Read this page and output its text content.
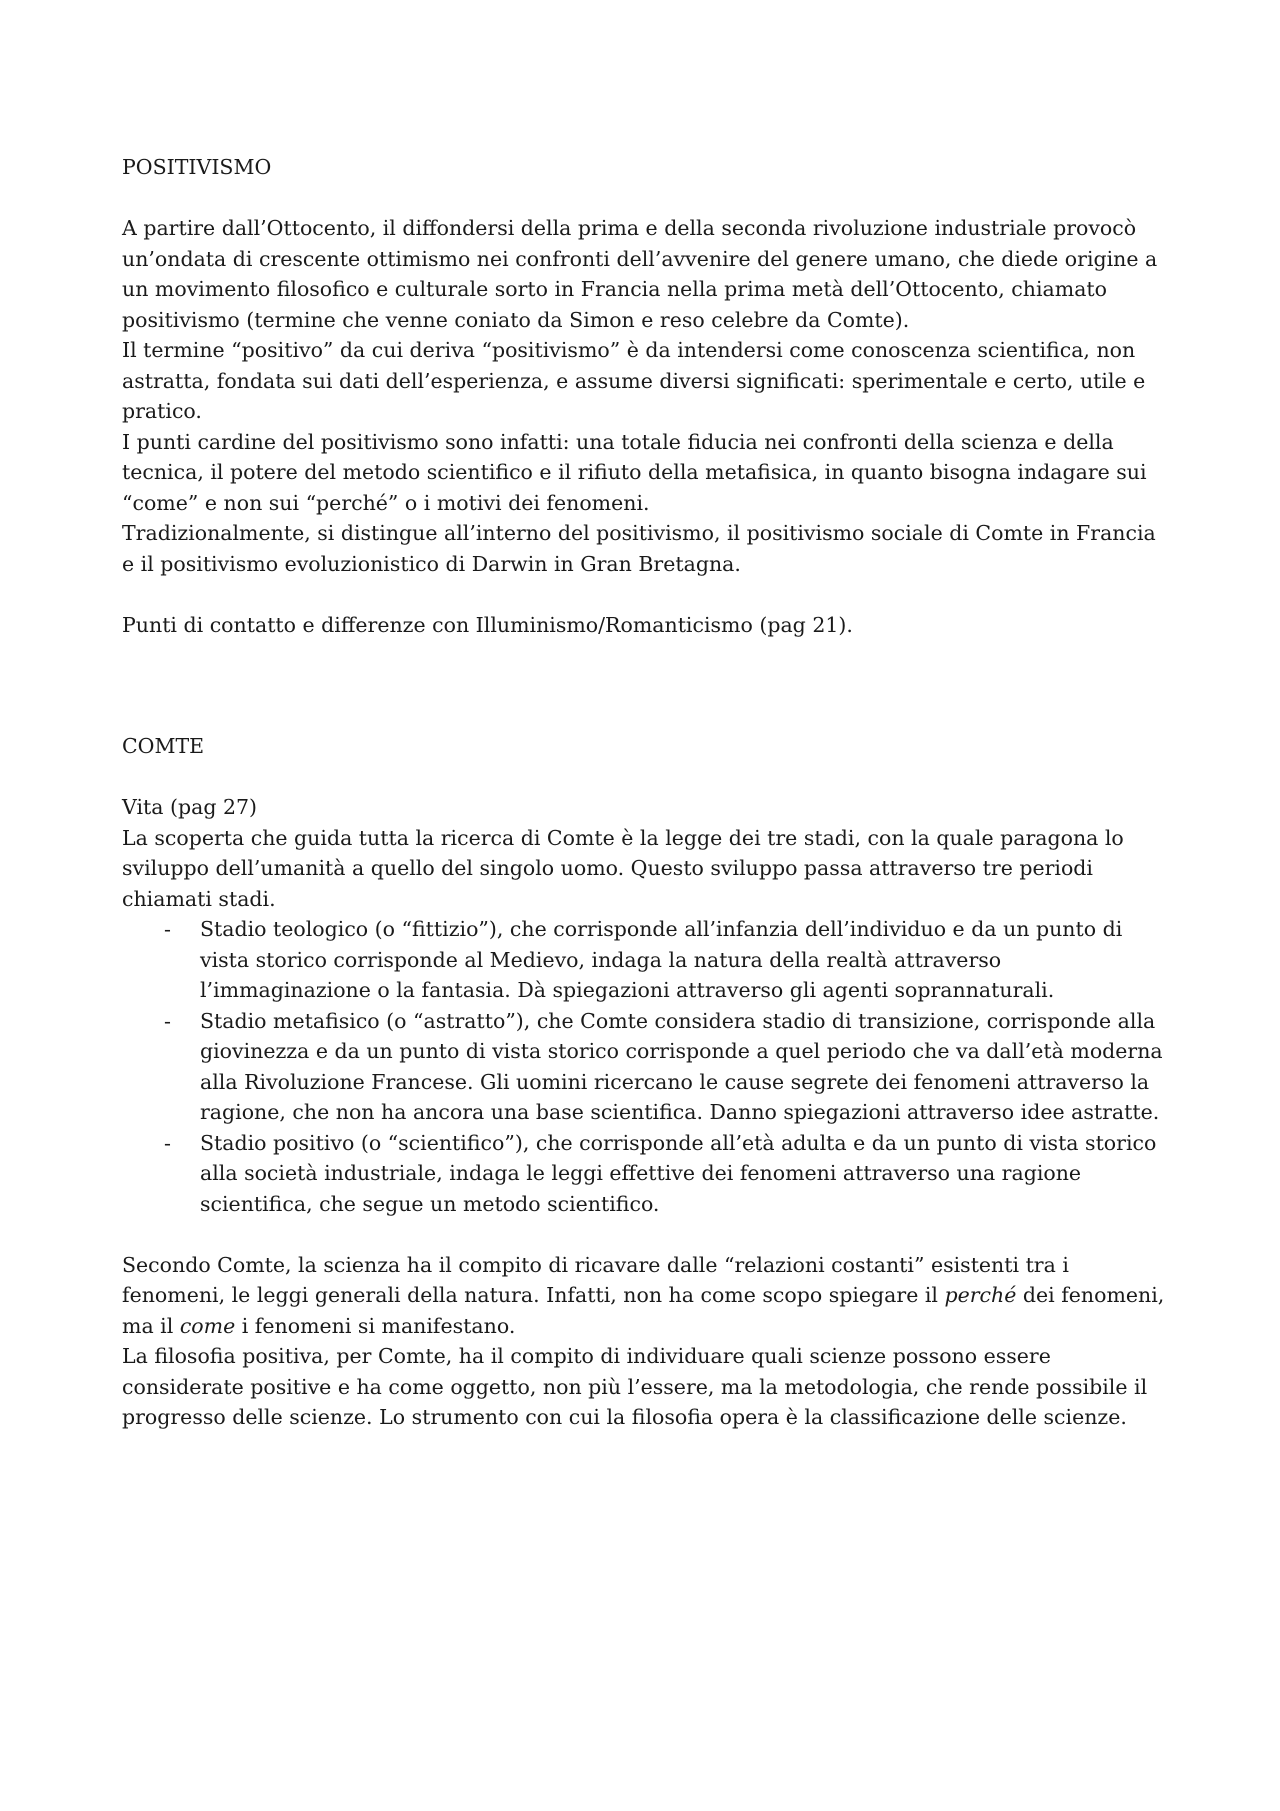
POSITIVISMO

A partire dall’Ottocento, il diffondersi della prima e della seconda rivoluzione industriale provocò un’ondata di crescente ottimismo nei confronti dell’avvenire del genere umano, che diede origine a un movimento filosofico e culturale sorto in Francia nella prima metà dell’Ottocento, chiamato positivismo (termine che venne coniato da Simon e reso celebre da Comte).

Il termine “positivo” da cui deriva “positivismo” è da intendersi come conoscenza scientifica, non astratta, fondata sui dati dell’esperienza, e assume diversi significati: sperimentale e certo, utile e pratico.

I punti cardine del positivismo sono infatti: una totale fiducia nei confronti della scienza e della tecnica, il potere del metodo scientifico e il rifiuto della metafisica, in quanto bisogna indagare sui “come” e non sui “perché” o i motivi dei fenomeni.

Tradizionalmente, si distingue all’interno del positivismo, il positivismo sociale di Comte in Francia e il positivismo evoluzionistico di Darwin in Gran Bretagna.

Punti di contatto e differenze con Illuminismo/Romanticismo (pag 21).

COMTE

Vita (pag 27)

La scoperta che guida tutta la ricerca di Comte è la legge dei tre stadi, con la quale paragona lo sviluppo dell’umanità a quello del singolo uomo. Questo sviluppo passa attraverso tre periodi chiamati stadi.

- Stadio teologico (o “fittizio”), che corrisponde all’infanzia dell’individuo e da un punto di vista storico corrisponde al Medievo, indaga la natura della realtà attraverso l’immaginazione o la fantasia. Dà spiegazioni attraverso gli agenti soprannaturali.
- Stadio metafisico (o “astratto”), che Comte considera stadio di transizione, corrisponde alla giovinezza e da un punto di vista storico corrisponde a quel periodo che va dall’età moderna alla Rivoluzione Francese. Gli uomini ricercano le cause segrete dei fenomeni attraverso la ragione, che non ha ancora una base scientifica. Danno spiegazioni attraverso idee astratte.
- Stadio positivo (o “scientifico”), che corrisponde all’età adulta e da un punto di vista storico alla società industriale, indaga le leggi effettive dei fenomeni attraverso una ragione scientifica, che segue un metodo scientifico.

Secondo Comte, la scienza ha il compito di ricavare dalle “relazioni costanti” esistenti tra i fenomeni, le leggi generali della natura. Infatti, non ha come scopo spiegare il perché dei fenomeni, ma il come i fenomeni si manifestano.

La filosofia positiva, per Comte, ha il compito di individuare quali scienze possono essere considerate positive e ha come oggetto, non più l’essere, ma la metodologia, che rende possibile il progresso delle scienze. Lo strumento con cui la filosofia opera è la classificazione delle scienze.
